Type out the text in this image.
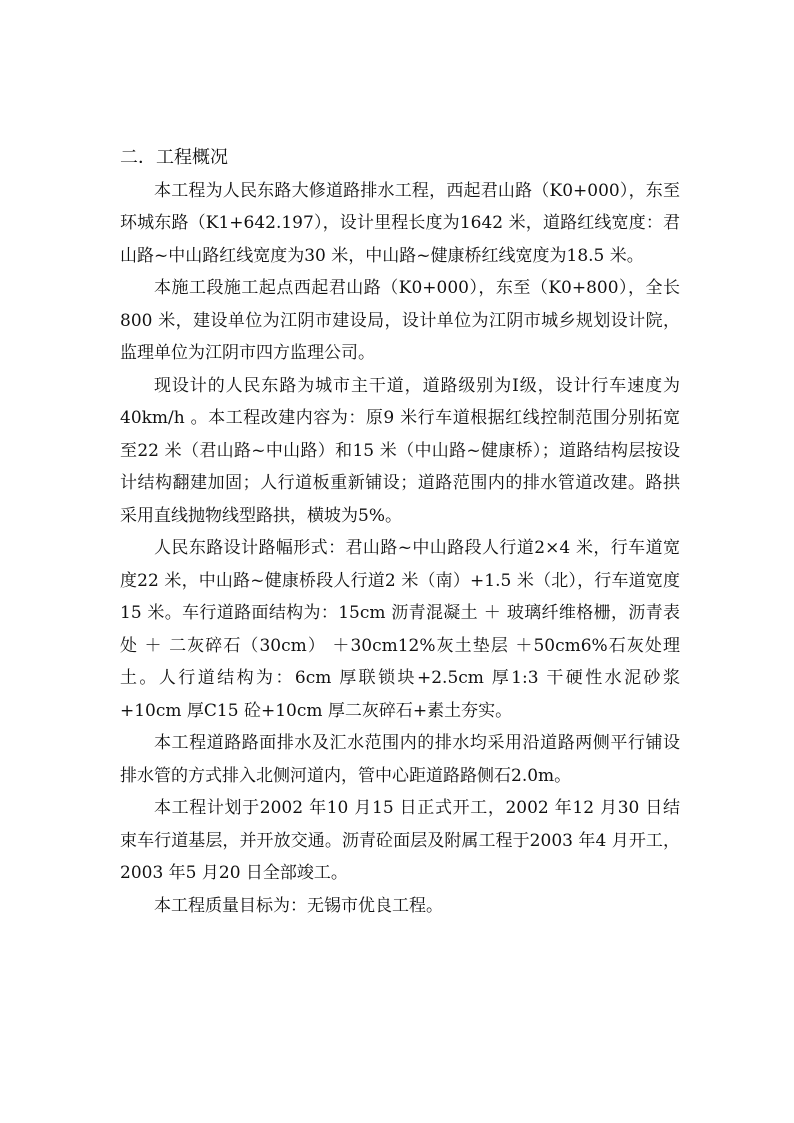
二．工程概况

本工程为人民东路大修道路排水工程，西起君山路（K0+000），东至环城东路（K1+642.197），设计里程长度为1642 米，道路红线宽度：君山路~中山路红线宽度为30 米，中山路~健康桥红线宽度为18.5 米。

本施工段施工起点西起君山路（K0+000），东至（K0+800），全长800 米，建设单位为江阴市建设局，设计单位为江阴市城乡规划设计院，监理单位为江阴市四方监理公司。

现设计的人民东路为城市主干道，道路级别为Ⅰ级，设计行车速度为40km/h 。本工程改建内容为：原9 米行车道根据红线控制范围分别拓宽至22 米（君山路~中山路）和15 米（中山路~健康桥）；道路结构层按设计结构翻建加固；人行道板重新铺设；道路范围内的排水管道改建。路拱采用直线抛物线型路拱，横坡为5%。

人民东路设计路幅形式：君山路~中山路段人行道2×4 米，行车道宽度22 米，中山路~健康桥段人行道2 米（南）+1.5 米（北），行车道宽度15 米。车行道路面结构为：15cm 沥青混凝土 ＋ 玻璃纤维格栅，沥青表处 ＋ 二灰碎石（30cm） ＋30cm12%灰土垫层 ＋50cm6%石灰处理土。人行道结构为：6cm 厚联锁块+2.5cm 厚1:3 干硬性水泥砂浆 +10cm 厚C15 砼+10cm 厚二灰碎石+素土夯实。

本工程道路路面排水及汇水范围内的排水均采用沿道路两侧平行铺设排水管的方式排入北侧河道内，管中心距道路路侧石2.0m。

本工程计划于2002 年10 月15 日正式开工，2002 年12 月30 日结束车行道基层，并开放交通。沥青砼面层及附属工程于2003 年4 月开工，2003 年5 月20 日全部竣工。

本工程质量目标为：无锡市优良工程。
